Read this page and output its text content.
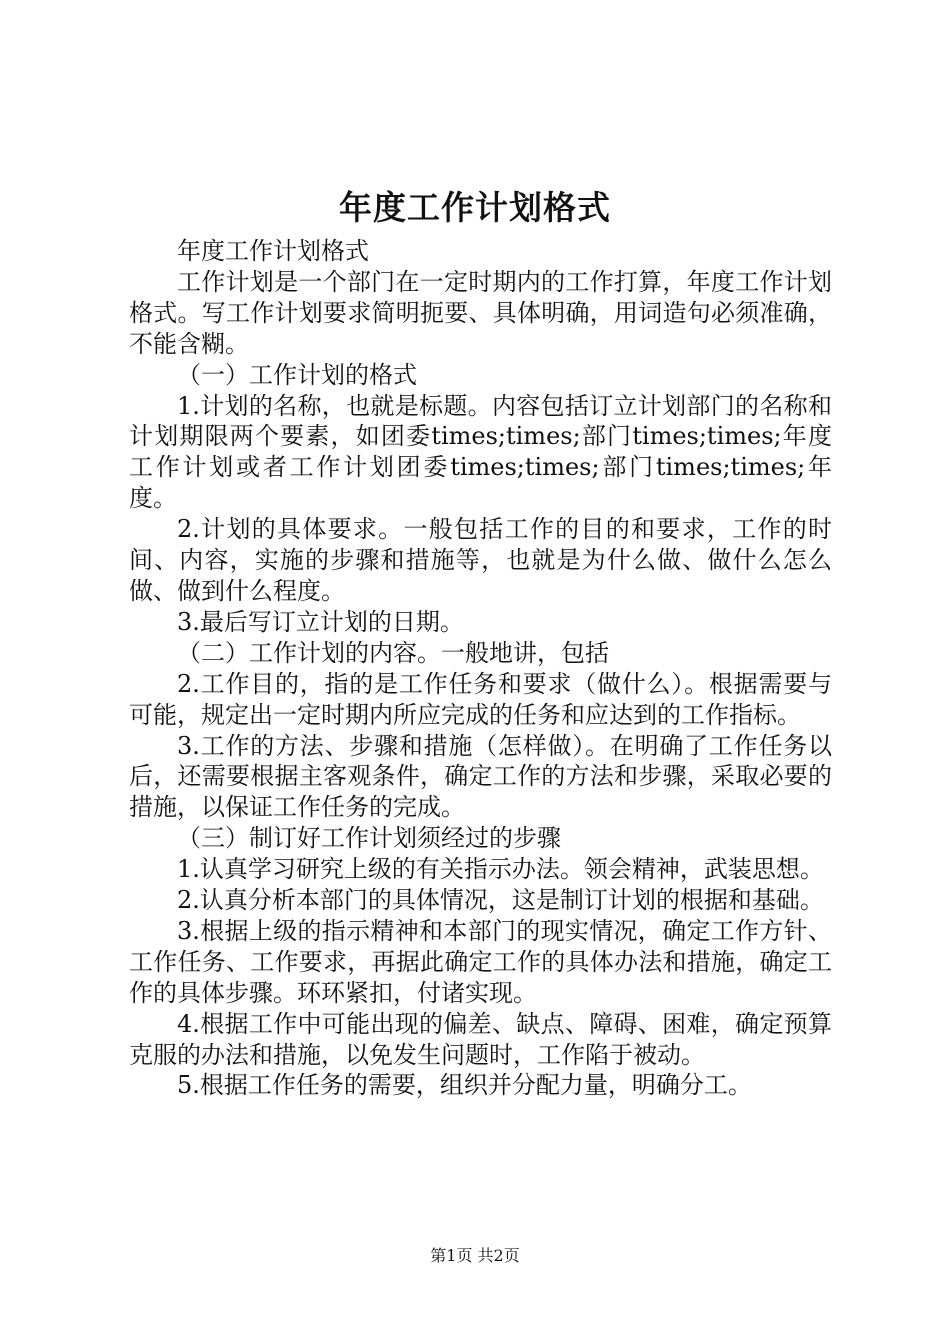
年度工作计划格式

年度工作计划格式

工作计划是一个部门在一定时期内的工作打算，年度工作计划格式。写工作计划要求简明扼要、具体明确，用词造句必须准确，不能含糊。

（一）工作计划的格式

1.计划的名称，也就是标题。内容包括订立计划部门的名称和计划期限两个要素，如团委times;times;部门times;times;年度工作计划或者工作计划团委times;times;部门times;times;年度。

2.计划的具体要求。一般包括工作的目的和要求，工作的时间、内容，实施的步骤和措施等，也就是为什么做、做什么怎么做、做到什么程度。

3.最后写订立计划的日期。

（二）工作计划的内容。一般地讲，包括

2.工作目的，指的是工作任务和要求（做什么）。根据需要与可能，规定出一定时期内所应完成的任务和应达到的工作指标。

3.工作的方法、步骤和措施（怎样做）。在明确了工作任务以后，还需要根据主客观条件，确定工作的方法和步骤，采取必要的措施，以保证工作任务的完成。

（三）制订好工作计划须经过的步骤

1.认真学习研究上级的有关指示办法。领会精神，武装思想。

2.认真分析本部门的具体情况，这是制订计划的根据和基础。

3.根据上级的指示精神和本部门的现实情况，确定工作方针、工作任务、工作要求，再据此确定工作的具体办法和措施，确定工作的具体步骤。环环紧扣，付诸实现。

4.根据工作中可能出现的偏差、缺点、障碍、困难，确定预算克服的办法和措施，以免发生问题时，工作陷于被动。

5.根据工作任务的需要，组织并分配力量，明确分工。

第1页 共2页
